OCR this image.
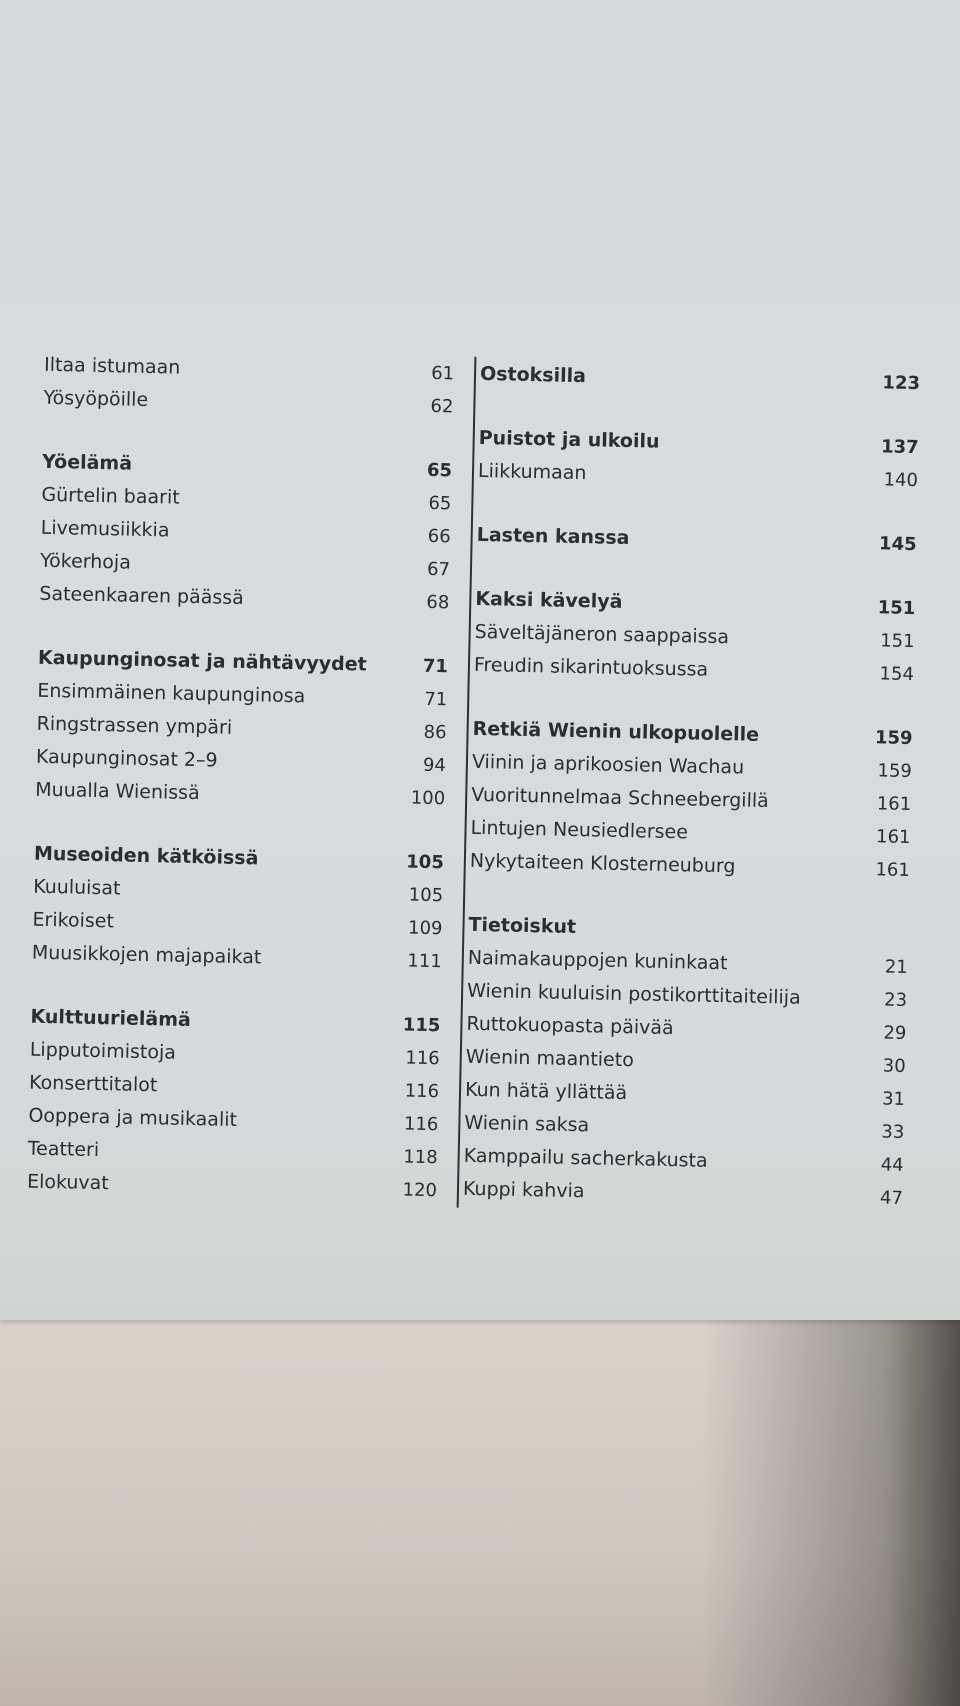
Iltaa istumaan	61
Yösyöpöille	62
Yöelämä	65
Gürtelin baarit	65
Livemusiikkia	66
Yökerhoja	67
Sateenkaaren päässä	68
Kaupunginosat ja nähtävyydet	71
Ensimmäinen kaupunginosa	71
Ringstrassen ympäri	86
Kaupunginosat 2–9	94
Muualla Wienissä	100
Museoiden kätköissä	105
Kuuluisat	105
Erikoiset	109
Muusikkojen majapaikat	111
Kulttuurielämä	115
Lipputoimistoja	116
Konserttitalot	116
Ooppera ja musikaalit	116
Teatteri	118
Elokuvat	120
Ostoksilla	123
Puistot ja ulkoilu	137
Liikkumaan	140
Lasten kanssa	145
Kaksi kävelyä	151
Säveltäjäneron saappaissa	151
Freudin sikarintuoksussa	154
Retkiä Wienin ulkopuolelle	159
Viinin ja aprikoosien Wachau	159
Vuoritunnelmaa Schneebergillä	161
Lintujen Neusiedlersee	161
Nykytaiteen Klosterneuburg	161
Tietoiskut
Naimakauppojen kuninkaat	21
Wienin kuuluisin postikorttitaiteilija	23
Ruttokuopasta päivää	29
Wienin maantieto	30
Kun hätä yllättää	31
Wienin saksa	33
Kamppailu sacherkakusta	44
Kuppi kahvia	47
